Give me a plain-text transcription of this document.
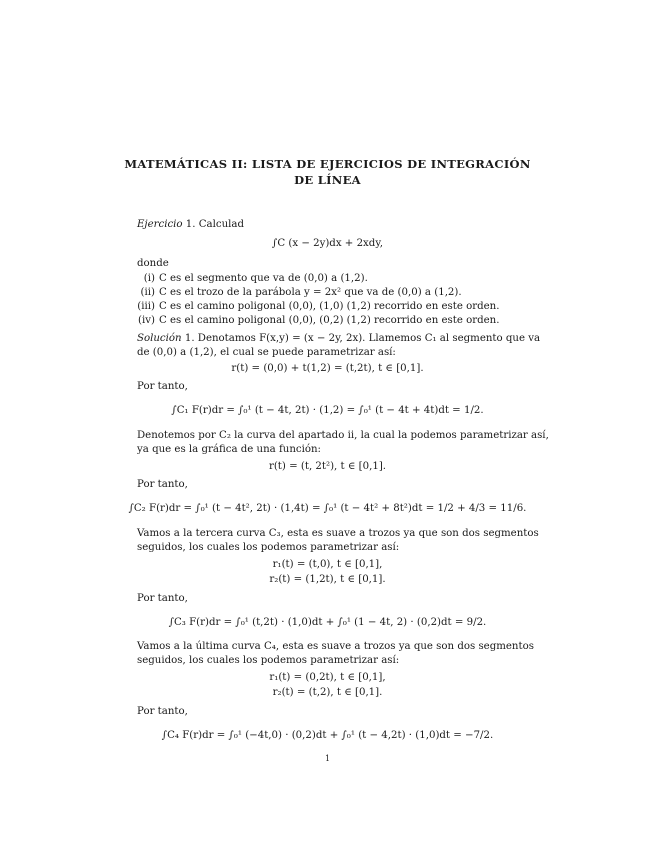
MATEMÁTICAS II: LISTA DE EJERCICIOS DE INTEGRACIÓN
DE LÍNEA
Ejercicio 1. Calculad
∫C (x − 2y)dx + 2xdy,
donde
(i) C es el segmento que va de (0,0) a (1,2).
(ii) C es el trozo de la parábola y = 2x² que va de (0,0) a (1,2).
(iii) C es el camino poligonal (0,0), (1,0) (1,2) recorrido en este orden.
(iv) C es el camino poligonal (0,0), (0,2) (1,2) recorrido en este orden.
Solución 1. Denotamos F(x,y) = (x − 2y, 2x). Llamemos C₁ al segmento que va
de (0,0) a (1,2), el cual se puede parametrizar así:
r(t) = (0,0) + t(1,2) = (t,2t), t ∈ [0,1].
Por tanto,
∫C₁ F(r)dr = ∫₀¹ (t − 4t, 2t) · (1,2) = ∫₀¹ (t − 4t + 4t)dt = 1/2.
Denotemos por C₂ la curva del apartado ii, la cual la podemos parametrizar así,
ya que es la gráfica de una función:
r(t) = (t, 2t²), t ∈ [0,1].
Por tanto,
∫C₂ F(r)dr = ∫₀¹ (t − 4t², 2t) · (1,4t) = ∫₀¹ (t − 4t² + 8t²)dt = 1/2 + 4/3 = 11/6.
Vamos a la tercera curva C₃, esta es suave a trozos ya que son dos segmentos
seguidos, los cuales los podemos parametrizar así:
r₁(t) = (t,0), t ∈ [0,1],
r₂(t) = (1,2t), t ∈ [0,1].
Por tanto,
∫C₃ F(r)dr = ∫₀¹ (t,2t) · (1,0)dt + ∫₀¹ (1 − 4t, 2) · (0,2)dt = 9/2.
Vamos a la última curva C₄, esta es suave a trozos ya que son dos segmentos
seguidos, los cuales los podemos parametrizar así:
r₁(t) = (0,2t), t ∈ [0,1],
r₂(t) = (t,2), t ∈ [0,1].
Por tanto,
∫C₄ F(r)dr = ∫₀¹ (−4t,0) · (0,2)dt + ∫₀¹ (t − 4,2t) · (1,0)dt = −7/2.
1
